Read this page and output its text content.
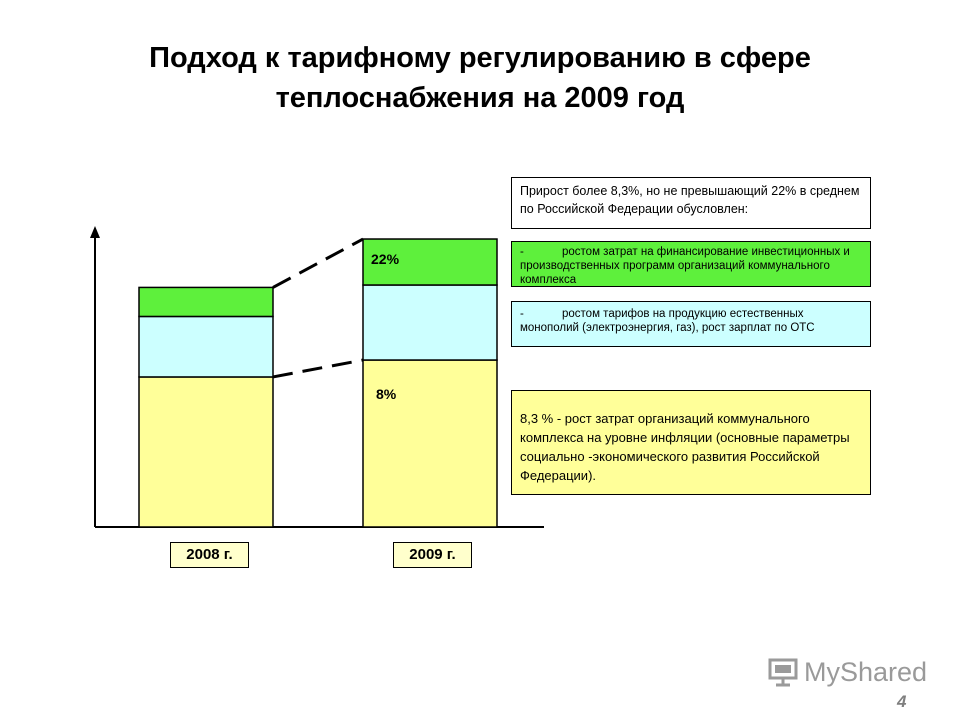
Подход к тарифному регулированию в сфере
теплоснабжения на 2009 год
22%
8%
2008 г.	2009 г.
Прирост более 8,3%, но не превышающий 22% в среднем по Российской Федерации обусловлен:
-	ростом затрат на финансирование инвестиционных и производственных программ организаций коммунального комплекса
-	ростом тарифов на продукцию естественных монополий (электроэнергия, газ), рост зарплат по ОТС
8,3 % - рост затрат организаций коммунального комплекса на уровне инфляции (основные параметры социально -экономического развития Российской Федерации).
MyShared
4
